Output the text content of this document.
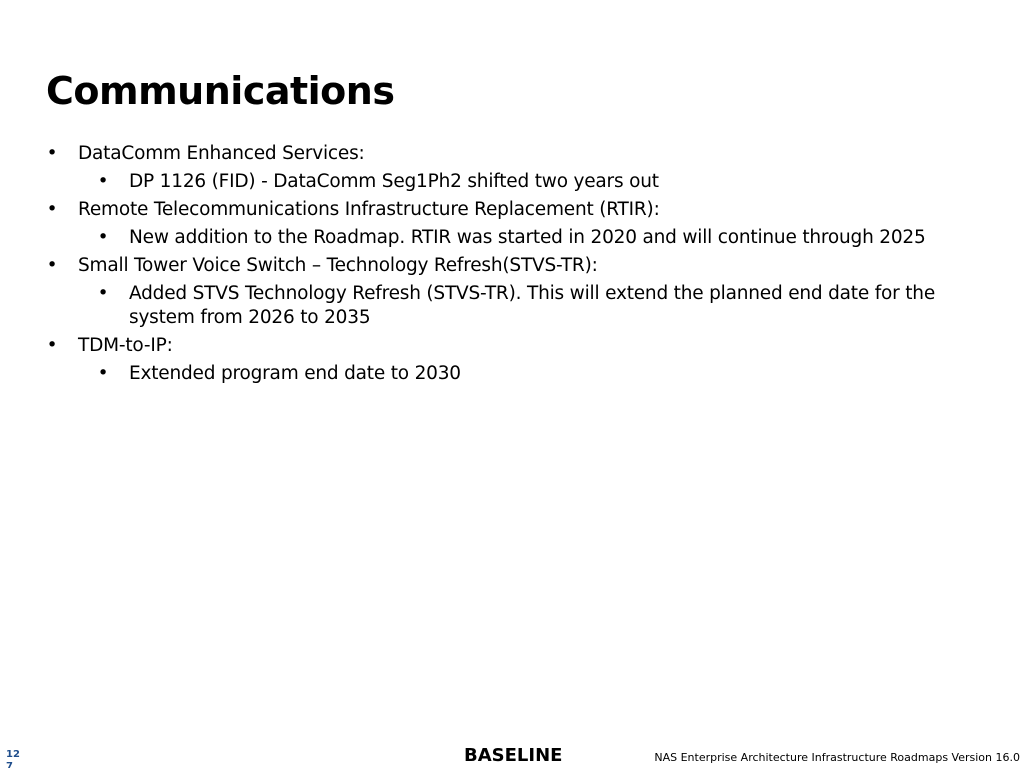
Communications
• DataComm Enhanced Services:
• DP 1126 (FID) - DataComm Seg1Ph2 shifted two years out
• Remote Telecommunications Infrastructure Replacement (RTIR):
• New addition to the Roadmap. RTIR was started in 2020 and will continue through 2025
• Small Tower Voice Switch – Technology Refresh(STVS-TR):
• Added STVS Technology Refresh (STVS-TR). This will extend the planned end date for the system from 2026 to 2035
• TDM-to-IP:
• Extended program end date to 2030
127
BASELINE	NAS Enterprise Architecture Infrastructure Roadmaps Version 16.0
